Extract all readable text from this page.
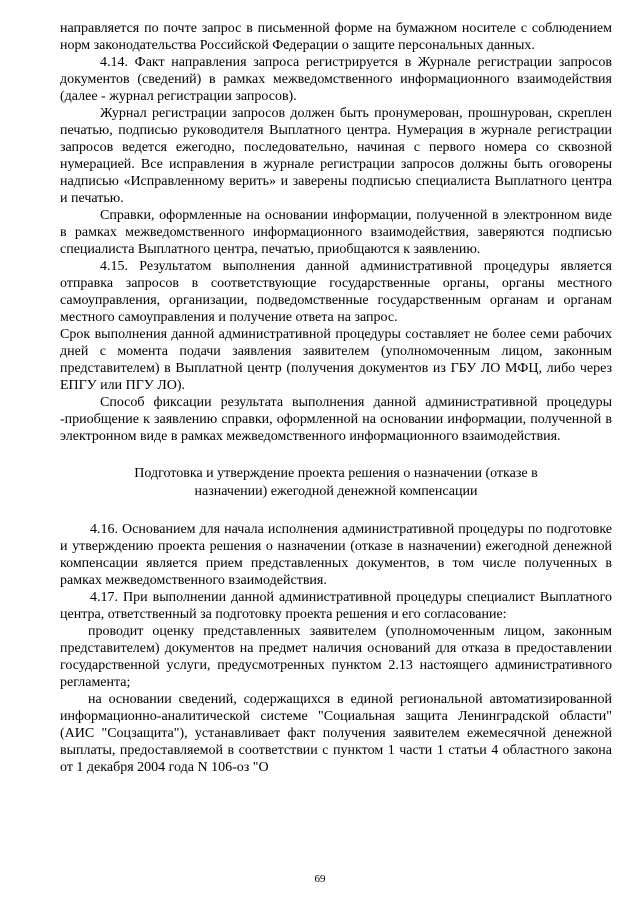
направляется по почте запрос в письменной форме на бумажном носителе с соблюдением норм законодательства Российской Федерации о защите персональных данных.

4.14. Факт направления запроса регистрируется в Журнале регистрации запросов документов (сведений) в рамках межведомственного информационного взаимодействия (далее - журнал регистрации запросов).

Журнал регистрации запросов должен быть пронумерован, прошнурован, скреплен печатью, подписью руководителя Выплатного центра. Нумерация в журнале регистрации запросов ведется ежегодно, последовательно, начиная с первого номера со сквозной нумерацией. Все исправления в журнале регистрации запросов должны быть оговорены надписью «Исправленному верить» и заверены подписью специалиста Выплатного центра и печатью.

Справки, оформленные на основании информации, полученной в электронном виде в рамках межведомственного информационного взаимодействия, заверяются подписью специалиста Выплатного центра, печатью, приобщаются к заявлению.

4.15. Результатом выполнения данной административной процедуры является отправка запросов в соответствующие государственные органы, органы местного самоуправления, организации, подведомственные государственным органам и органам местного самоуправления и получение ответа на запрос.

Срок выполнения данной административной процедуры составляет не более семи рабочих дней с момента подачи заявления заявителем (уполномоченным лицом, законным представителем) в Выплатной центр (получения документов из ГБУ ЛО МФЦ, либо через ЕПГУ или ПГУ ЛО).

Способ фиксации результата выполнения данной административной процедуры -приобщение к заявлению справки, оформленной на основании информации, полученной в электронном виде в рамках межведомственного информационного взаимодействия.

Подготовка и утверждение проекта решения о назначении (отказе в
назначении) ежегодной денежной компенсации

4.16. Основанием для начала исполнения административной процедуры по подготовке и утверждению проекта решения о назначении (отказе в назначении) ежегодной денежной компенсации является прием представленных документов, в том числе полученных в рамках межведомственного взаимодействия.

4.17. При выполнении данной административной процедуры специалист Выплатного центра, ответственный за подготовку проекта решения и его согласование:

проводит оценку представленных заявителем (уполномоченным лицом, законным представителем) документов на предмет наличия оснований для отказа в предоставлении государственной услуги, предусмотренных пунктом 2.13 настоящего административного регламента;

на основании сведений, содержащихся в единой региональной автоматизированной информационно-аналитической системе "Социальная защита Ленинградской области" (АИС "Соцзащита"), устанавливает факт получения заявителем ежемесячной денежной выплаты, предоставляемой в соответствии с пунктом 1 части 1 статьи 4 областного закона от 1 декабря 2004 года N 106-оз "О

69
